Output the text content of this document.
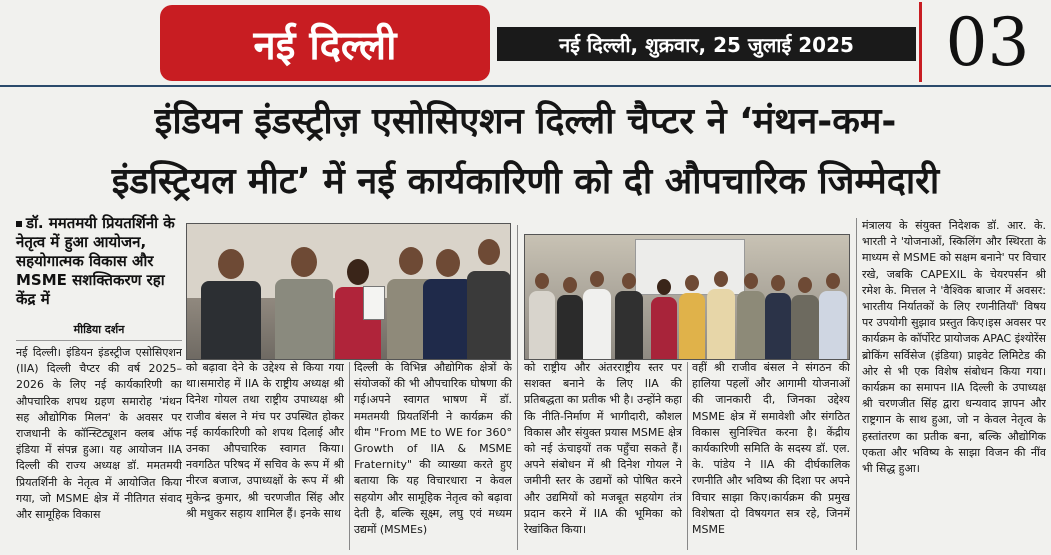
नई दिल्ली	नई दिल्ली, शुक्रवार, 25 जुलाई 2025	03
इंडियन इंडस्ट्रीज़ एसोसिएशन दिल्ली चैप्टर ने ‘मंथन-कम-
इंडस्ट्रियल मीट’ में नई कार्यकारिणी को दी औपचारिक जिम्मेदारी
डॉ. ममतमयी प्रियतर्शिनी के नेतृत्व में हुआ आयोजन, सहयोगात्मक विकास और MSME सशक्तिकरण रहा केंद्र में
मीडिया दर्शन
नई दिल्ली। इंडियन इंडस्ट्रीज एसोसिएशन (IIA) दिल्ली चैप्टर की वर्ष 2025–2026 के लिए नई कार्यकारिणी का औपचारिक शपथ ग्रहण समारोह 'मंथन सह औद्योगिक मिलन' के अवसर पर राजधानी के कॉन्स्टिट्यूशन क्लब ऑफ इंडिया में संपन्न हुआ। यह आयोजन IIA दिल्ली की राज्य अध्यक्ष डॉ. ममतमयी प्रियतर्शिनी के नेतृत्व में आयोजित किया गया, जो MSME क्षेत्र में नीतिगत संवाद और सामूहिक विकास
को बढ़ावा देने के उद्देश्य से किया गया था।समारोह में IIA के राष्ट्रीय अध्यक्ष श्री दिनेश गोयल तथा राष्ट्रीय उपाध्यक्ष श्री राजीव बंसल ने मंच पर उपस्थित होकर नई कार्यकारिणी को शपथ दिलाई और उनका औपचारिक स्वागत किया। नवगठित परिषद में सचिव के रूप में श्री नीरज बजाज, उपाध्यक्षों के रूप में श्री मुकेन्द्र कुमार, श्री चरणजीत सिंह और श्री मधुकर सहाय शामिल हैं। इनके साथ
दिल्ली के विभिन्न औद्योगिक क्षेत्रों के संयोजकों की भी औपचारिक घोषणा की गई।अपने स्वागत भाषण में डॉ. ममतमयी प्रियतर्शिनी ने कार्यक्रम की थीम "From ME to WE for 360° Growth of IIA & MSME Fraternity" की व्याख्या करते हुए बताया कि यह विचारधारा न केवल सहयोग और सामूहिक नेतृत्व को बढ़ावा देती है, बल्कि सूक्ष्म, लघु एवं मध्यम उद्यमों (MSMEs)
को राष्ट्रीय और अंतरराष्ट्रीय स्तर पर सशक्त बनाने के लिए IIA की प्रतिबद्धता का प्रतीक भी है। उन्होंने कहा कि नीति-निर्माण में भागीदारी, कौशल विकास और संयुक्त प्रयास MSME क्षेत्र को नई ऊंचाइयों तक पहुँचा सकते हैं। अपने संबोधन में श्री दिनेश गोयल ने जमीनी स्तर के उद्यमों को पोषित करने और उद्यमियों को मजबूत सहयोग तंत्र प्रदान करने में IIA की भूमिका को रेखांकित किया।
वहीं श्री राजीव बंसल ने संगठन की हालिया पहलों और आगामी योजनाओं की जानकारी दी, जिनका उद्देश्य MSME क्षेत्र में समावेशी और संगठित विकास सुनिश्चित करना है। केंद्रीय कार्यकारिणी समिति के सदस्य डॉ. एल. के. पांडेय ने IIA की दीर्घकालिक रणनीति और भविष्य की दिशा पर अपने विचार साझा किए।कार्यक्रम की प्रमुख विशेषता दो विषयगत सत्र रहे, जिनमें MSME
मंत्रालय के संयुक्त निदेशक डॉ. आर. के. भारती ने 'योजनाओं, स्किलिंग और स्थिरता के माध्यम से MSME को सक्षम बनाने' पर विचार रखे, जबकि CAPEXIL के चेयरपर्सन श्री रमेश के. मित्तल ने 'वैश्विक बाजार में अवसर: भारतीय निर्यातकों के लिए रणनीतियाँ' विषय पर उपयोगी सुझाव प्रस्तुत किए।इस अवसर पर कार्यक्रम के कॉर्पोरेट प्रायोजक APAC इंश्योरेंस ब्रोकिंग सर्विसेज (इंडिया) प्राइवेट लिमिटेड की ओर से भी एक विशेष संबोधन किया गया। कार्यक्रम का समापन IIA दिल्ली के उपाध्यक्ष श्री चरणजीत सिंह द्वारा धन्यवाद ज्ञापन और राष्ट्रगान के साथ हुआ, जो न केवल नेतृत्व के हस्तांतरण का प्रतीक बना, बल्कि औद्योगिक एकता और भविष्य के साझा विजन की नींव भी सिद्ध हुआ।
